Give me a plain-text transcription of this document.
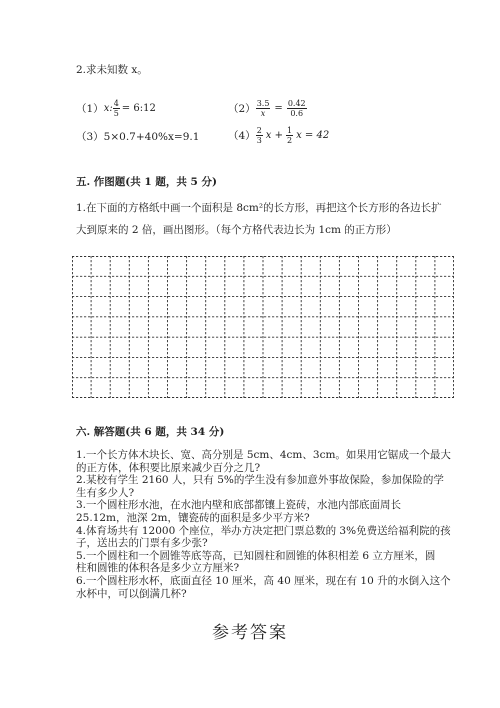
2.求未知数 x。
（1） x: $\frac{4}{5}$ = 6:12	$(2) \frac{3.5}{x} = \frac{0.42}{0.6}$
（3）5×0.7+40%x=9.1	$(4) \frac{2}{3}$ $x + \frac{1}{2}$ x = 42
五. 作图题(共 1 题，共 5 分)
1.在下面的方格纸中画一个面积是 8cm²的长方形，再把这个长方形的各边长扩
大到原来的 2 倍，画出图形。（每个方格代表边长为 1cm 的正方形）
六. 解答题(共 6 题，共 34 分)
1.一个长方体木块长、宽、高分别是 5cm、4cm、3cm。如果用它锯成一个最大
的正方体，体积要比原来减少百分之几?
2.某校有学生 2160 人，只有 5%的学生没有参加意外事故保险，参加保险的学
生有多少人?
3.一个圆柱形水池，在水池内壁和底部都镶上瓷砖，水池内部底面周长
25.12m，池深 2m，镶瓷砖的面积是多少平方米?
4.体育场共有 12000 个座位，举办方决定把门票总数的 3%免费送给福利院的孩
子，送出去的门票有多少张?
5.一个圆柱和一个圆锥等底等高，已知圆柱和圆锥的体积相差 6 立方厘米，圆
柱和圆锥的体积各是多少立方厘米?
6.一个圆柱形水杯，底面直径 10 厘米，高 40 厘米，现在有 10 升的水倒入这个
水杯中，可以倒满几杯?
参考答案
